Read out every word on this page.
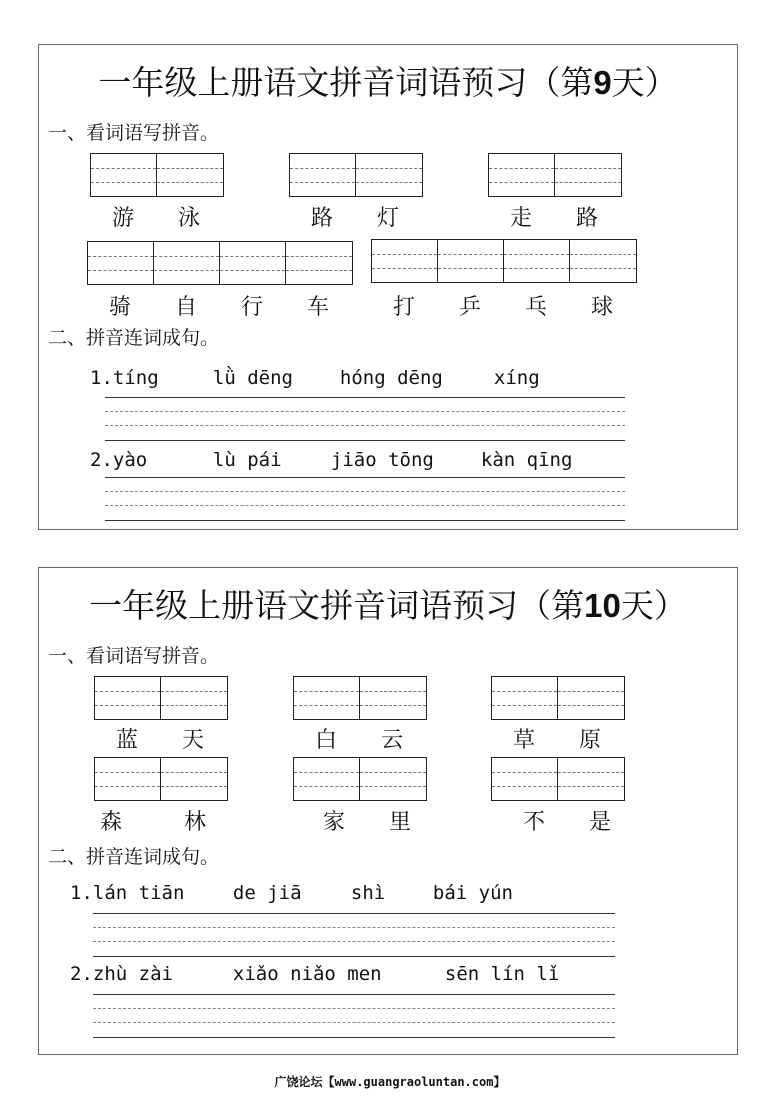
一年级上册语文拼音词语预习（第9天）
一、看词语写拼音。
游	泳	路	灯	走	路
骑	自	行	车	打	乒	乓	球
二、拼音连词成句。
1.tíng	lǜ dēng hóng dēng	xíng
2.yào	lù pái	jiāo tōng kàn qīng
一年级上册语文拼音词语预习（第10天）
一、看词语写拼音。
蓝	天	白	云	草	原
森	林	家	里	不	是
二、拼音连词成句。
1.lán tiān	de jiā	shì	bái yún
2.zhù zài	xiǎo niǎo men	sēn lín lǐ
广饶论坛【www.guangraoluntan.com】
